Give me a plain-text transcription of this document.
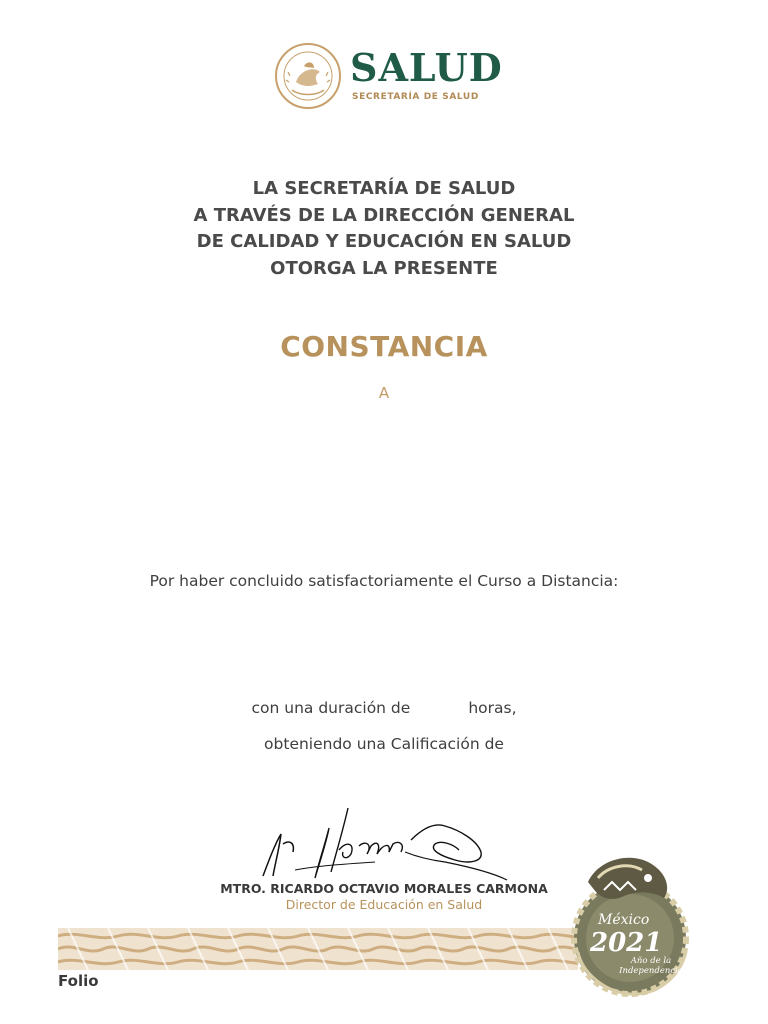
SALUD
SECRETARÍA DE SALUD
LA SECRETARÍA DE SALUD
A TRAVÉS DE LA DIRECCIÓN GENERAL
DE CALIDAD Y EDUCACIÓN EN SALUD
OTORGA LA PRESENTE
CONSTANCIA
A
Por haber concluido satisfactoriamente el Curso a Distancia:
con una duración de	horas,
obteniendo una Calificación de
MTRO. RICARDO OCTAVIO MORALES CARMONA
Director de Educación en Salud
Folio
México
2021
Año de la Independencia
